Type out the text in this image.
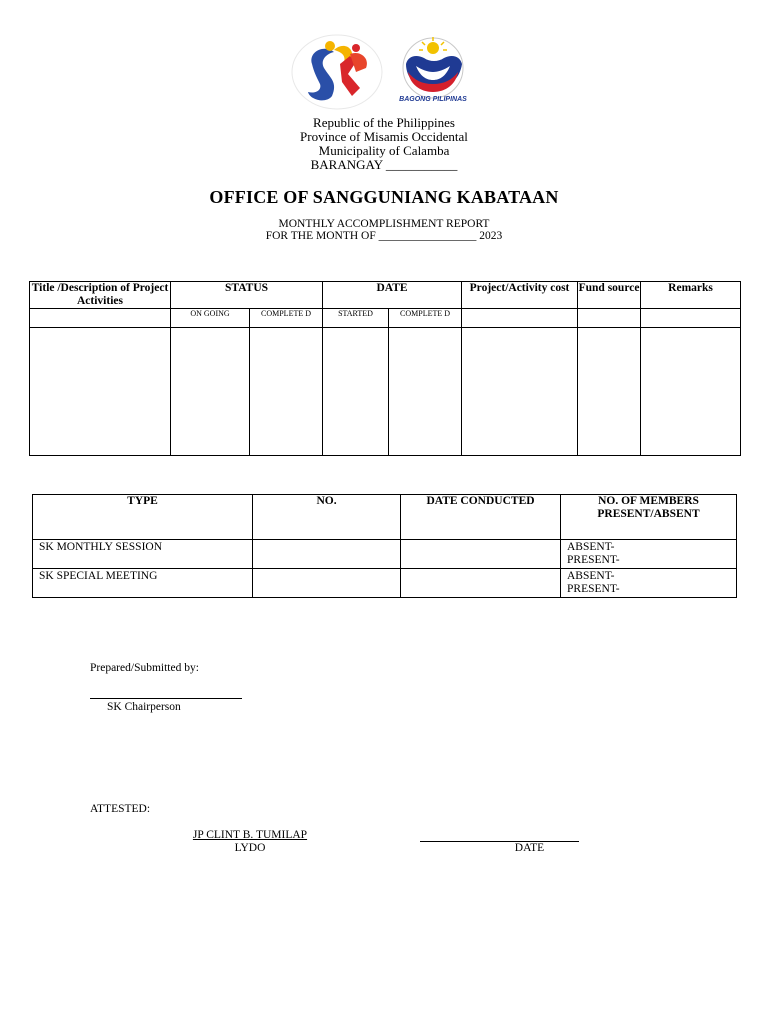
BAGONG PILIPINAS
Republic of the Philippines
Province of Misamis Occidental
Municipality of Calamba
BARANGAY ___________
OFFICE OF SANGGUNIANG KABATAAN
MONTHLY ACCOMPLISHMENT REPORT
FOR THE MONTH OF _________________ 2023
Title /Description of Project Activities	STATUS		DATE		Project/Activity cost	Fund source	Remarks
	ON GOING	COMPLETE D	STARTED	COMPLETE D			

TYPE	NO.	DATE CONDUCTED	NO. OF MEMBERS PRESENT/ABSENT
SK MONTHLY SESSION			ABSENT-
PRESENT-

SK SPECIAL MEETING			ABSENT-
PRESENT-
Prepared/Submitted by:
SK Chairperson
ATTESTED:
JP CLINT B. TUMILAP
LYDO	DATE
